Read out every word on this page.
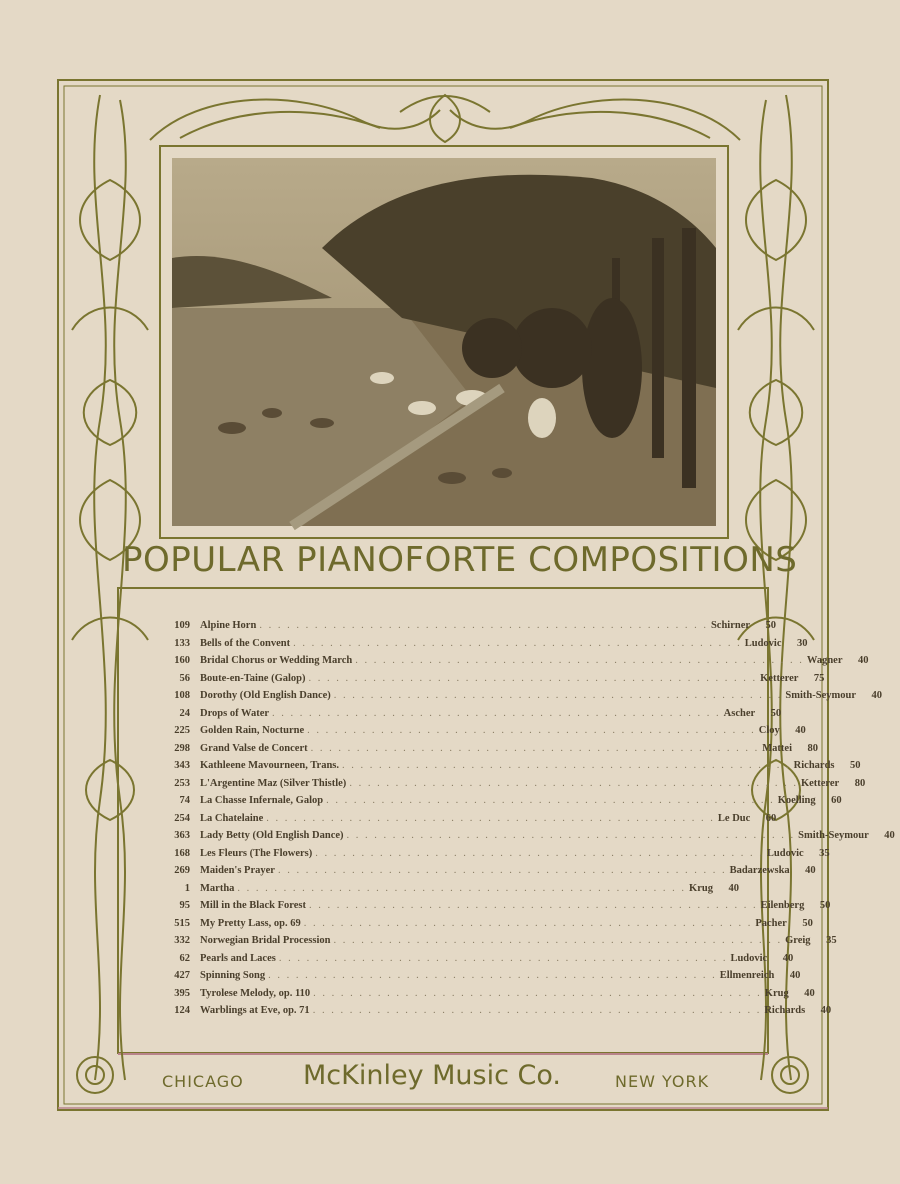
POPULAR PIANOFORTE COMPOSITIONS
109 Alpine Horn . . . . . . . . . . . . . . . . . . . . . . . . . . . . . . . . . . . . . . . . . . . . . . . . . Schirner	50
133 Bells of the Convent . . . . . . . . . . . . . . . . . . . . . . . . . . . . . . . . . . . . . . . . . . . . . . . . . Ludovic	30
160 Bridal Chorus or Wedding March . . . . . . . . . . . . . . . . . . . . . . . . . . . . . . . . . . . . . . . . . . . . . . . . . Wagner	40
56 Boute-en-Taine (Galop) . . . . . . . . . . . . . . . . . . . . . . . . . . . . . . . . . . . . . . . . . . . . . . . . . Ketterer	75
108 Dorothy (Old English Dance) . . . . . . . . . . . . . . . . . . . . . . . . . . . . . . . . . . . . . . . . . . . . . . . . . Smith-Seymour	40
24 Drops of Water . . . . . . . . . . . . . . . . . . . . . . . . . . . . . . . . . . . . . . . . . . . . . . . . . Ascher	50
225 Golden Rain, Nocturne . . . . . . . . . . . . . . . . . . . . . . . . . . . . . . . . . . . . . . . . . . . . . . . . . Cloy	40
298 Grand Valse de Concert . . . . . . . . . . . . . . . . . . . . . . . . . . . . . . . . . . . . . . . . . . . . . . . . . Mattei	80
343 Kathleene Mavourneen, Trans. . . . . . . . . . . . . . . . . . . . . . . . . . . . . . . . . . . . . . . . . . . . . . . . . . Richards	50
253 L'Argentine Maz (Silver Thistle) . . . . . . . . . . . . . . . . . . . . . . . . . . . . . . . . . . . . . . . . . . . . . . . . . Ketterer	80
74 La Chasse Infernale, Galop . . . . . . . . . . . . . . . . . . . . . . . . . . . . . . . . . . . . . . . . . . . . . . . . . Koelling	60
254 La Chatelaine . . . . . . . . . . . . . . . . . . . . . . . . . . . . . . . . . . . . . . . . . . . . . . . . . Le Duc	60
363 Lady Betty (Old English Dance) . . . . . . . . . . . . . . . . . . . . . . . . . . . . . . . . . . . . . . . . . . . . . . . . . Smith-Seymour	40
168 Les Fleurs (The Flowers) . . . . . . . . . . . . . . . . . . . . . . . . . . . . . . . . . . . . . . . . . . . . . . . . . Ludovic	35
269 Maiden's Prayer . . . . . . . . . . . . . . . . . . . . . . . . . . . . . . . . . . . . . . . . . . . . . . . . . Badarzewska	40
1 Martha . . . . . . . . . . . . . . . . . . . . . . . . . . . . . . . . . . . . . . . . . . . . . . . . . Krug	40
95 Mill in the Black Forest . . . . . . . . . . . . . . . . . . . . . . . . . . . . . . . . . . . . . . . . . . . . . . . . . Eilenberg	50
515 My Pretty Lass, op. 69 . . . . . . . . . . . . . . . . . . . . . . . . . . . . . . . . . . . . . . . . . . . . . . . . . Pacher	50
332 Norwegian Bridal Procession . . . . . . . . . . . . . . . . . . . . . . . . . . . . . . . . . . . . . . . . . . . . . . . . . Greig	35
62 Pearls and Laces . . . . . . . . . . . . . . . . . . . . . . . . . . . . . . . . . . . . . . . . . . . . . . . . . Ludovic	40
427 Spinning Song . . . . . . . . . . . . . . . . . . . . . . . . . . . . . . . . . . . . . . . . . . . . . . . . . Ellmenreich	40
395 Tyrolese Melody, op. 110 . . . . . . . . . . . . . . . . . . . . . . . . . . . . . . . . . . . . . . . . . . . . . . . . . Krug	40
124 Warblings at Eve, op. 71 . . . . . . . . . . . . . . . . . . . . . . . . . . . . . . . . . . . . . . . . . . . . . . . . . Richards	40
CHICAGO McKinley Music Co.	NEW YORK
